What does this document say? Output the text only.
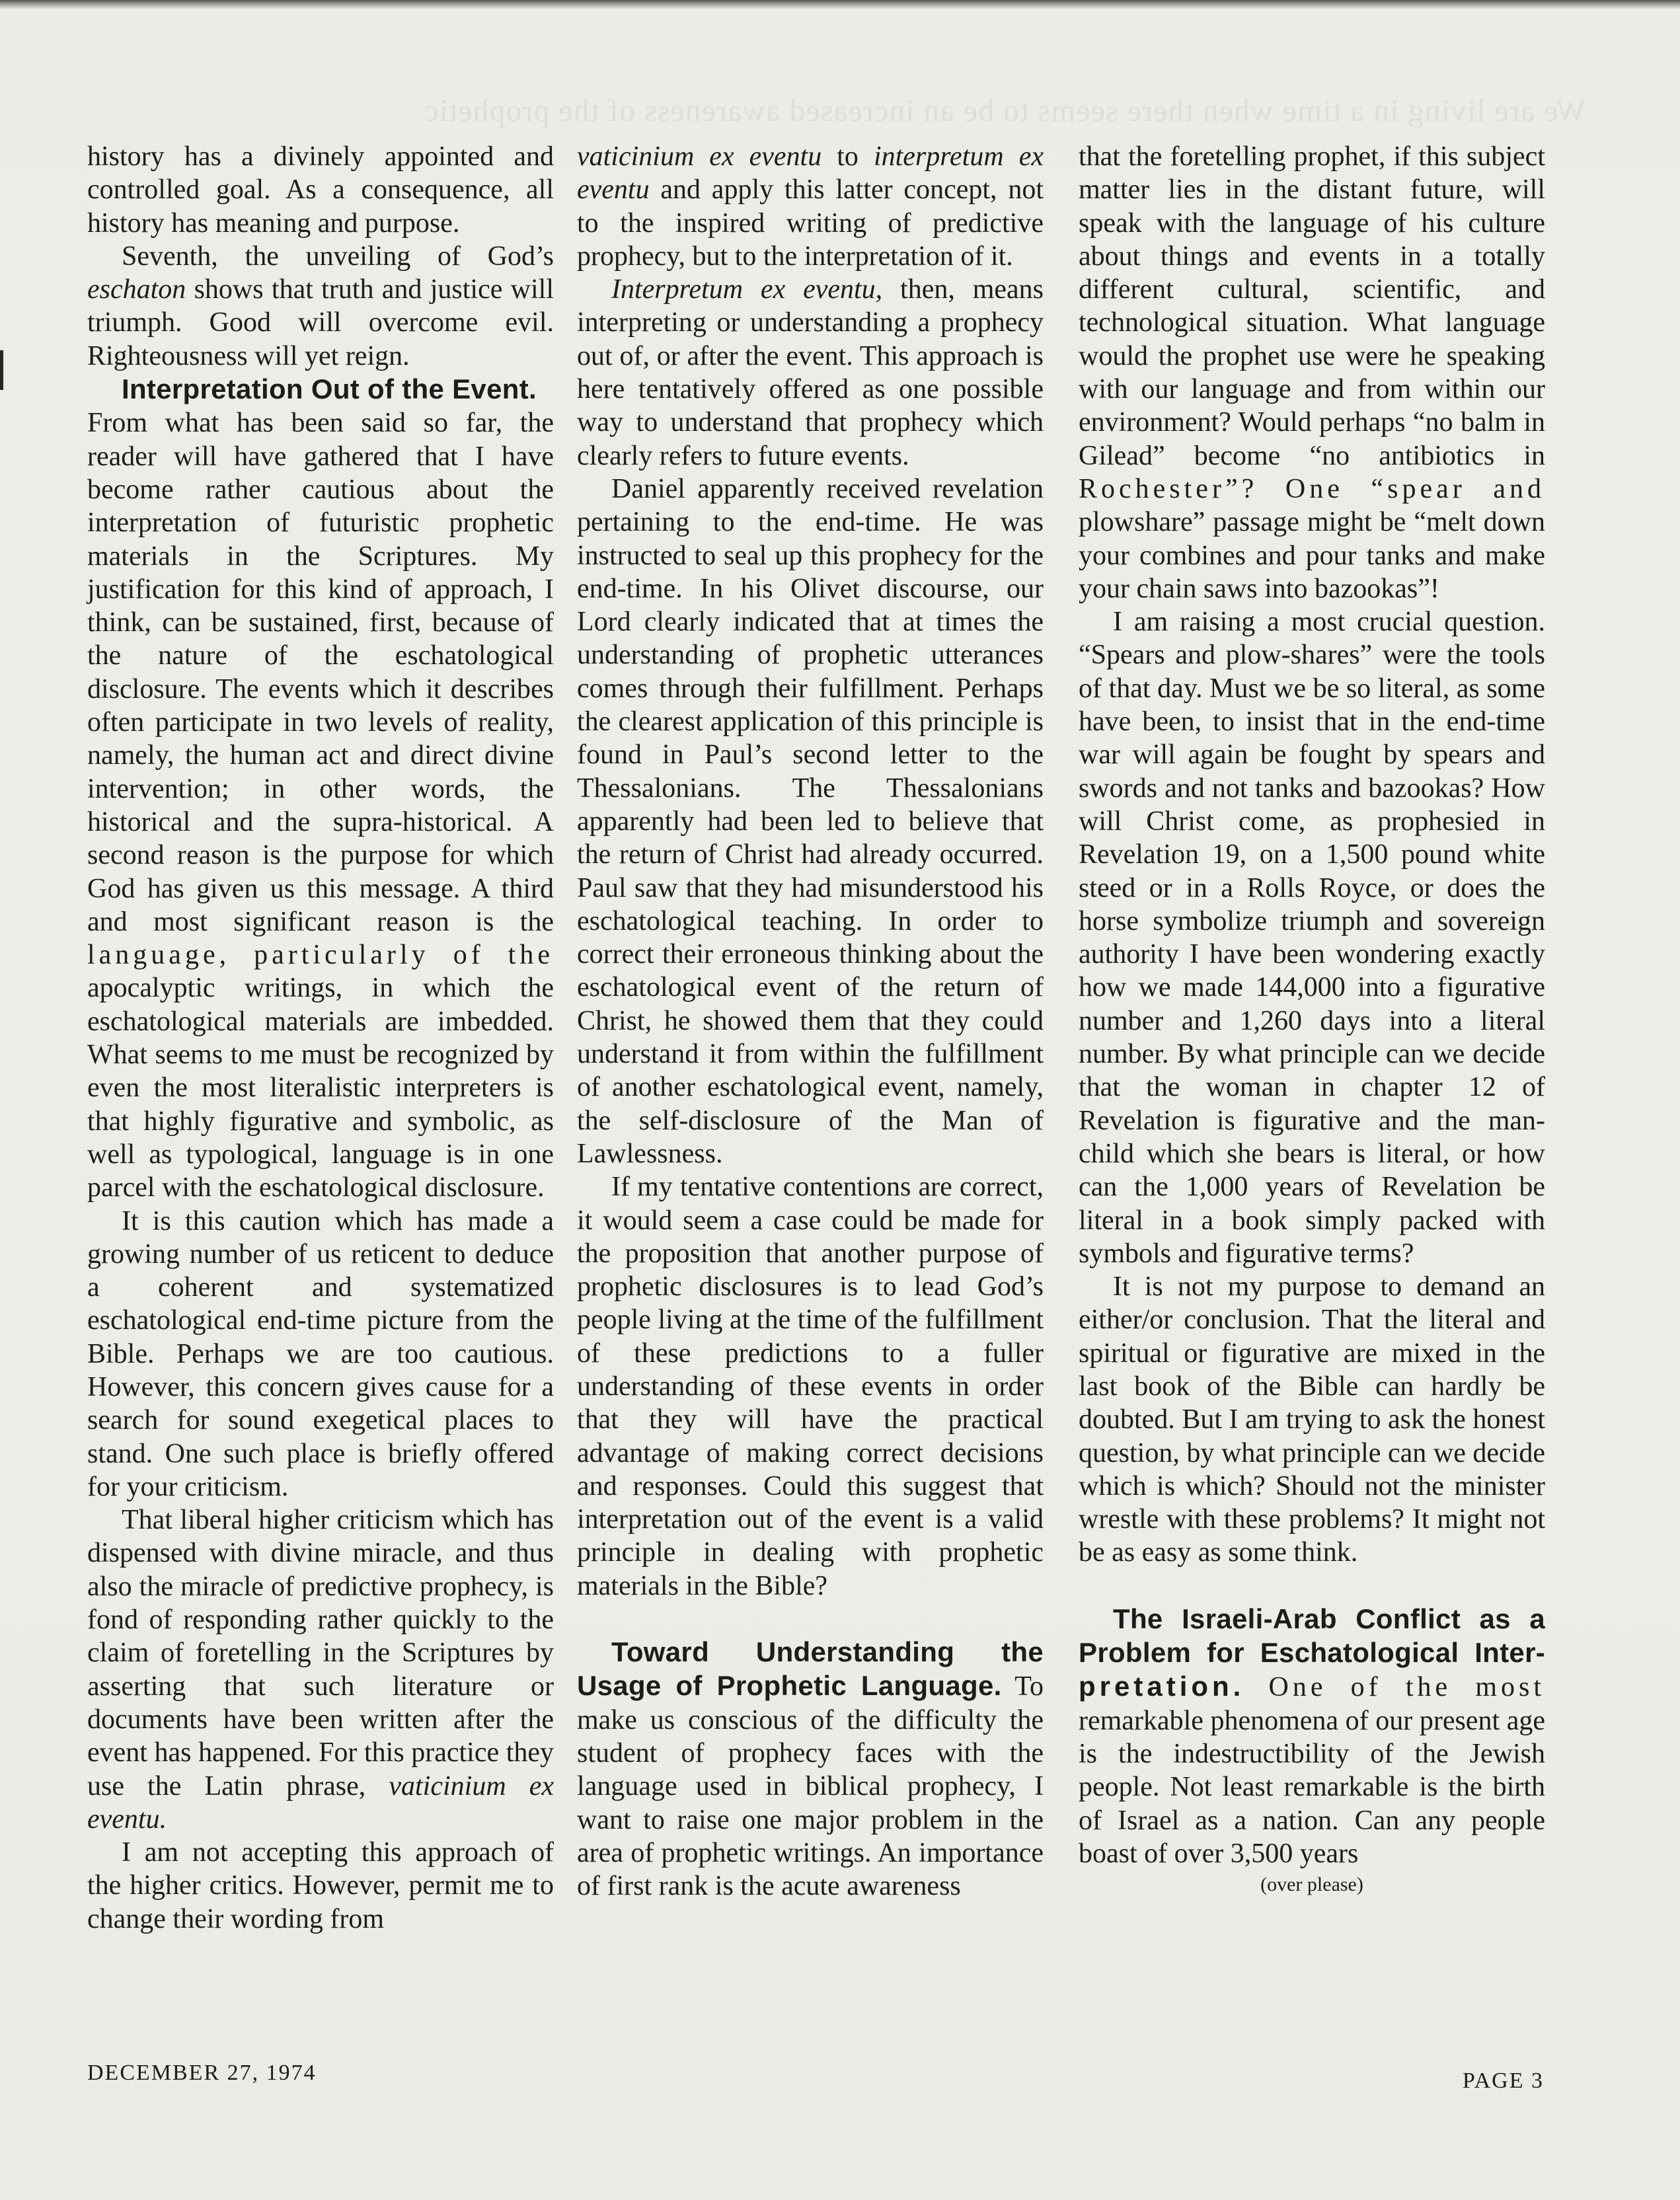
We are living in a time when there seems to be an increased awareness of the prophetic

history has a divinely appointed and controlled goal. As a consequence, all history has meaning and purpose.

Seventh, the unveiling of God’s eschaton shows that truth and justice will triumph. Good will overcome evil. Righteousness will yet reign.

Interpretation Out of the Event.
From what has been said so far, the reader will have gathered that I have become rather cautious about the interpretation of futuristic prophetic materials in the Scriptures. My justification for this kind of approach, I think, can be sustained, first, because of the nature of the eschatological disclosure. The events which it describes often participate in two levels of reality, namely, the human act and direct divine intervention; in other words, the historical and the supra-historical. A second reason is the purpose for which God has given us this message. A third and most significant reason is the language, particularly of the apocalyptic writings, in which the eschatological materials are imbedded. What seems to me must be recognized by even the most literalistic interpreters is that highly figurative and symbolic, as well as typological, language is in one parcel with the eschatological disclosure.

It is this caution which has made a growing number of us reticent to deduce a coherent and systematized eschatological end-time picture from the Bible. Perhaps we are too cautious. However, this concern gives cause for a search for sound exegetical places to stand. One such place is briefly offered for your criticism.

That liberal higher criticism which has dispensed with divine miracle, and thus also the miracle of predictive prophecy, is fond of responding rather quickly to the claim of foretelling in the Scriptures by asserting that such literature or documents have been written after the event has happened. For this practice they use the Latin phrase, vaticinium ex eventu.

I am not accepting this approach of the higher critics. However, permit me to change their wording from

vaticinium ex eventu to interpretum ex eventu and apply this latter concept, not to the inspired writing of predictive prophecy, but to the interpretation of it.

Interpretum ex eventu, then, means interpreting or understanding a prophecy out of, or after the event. This approach is here tentatively offered as one possible way to understand that prophecy which clearly refers to future events.

Daniel apparently received revelation pertaining to the end-time. He was instructed to seal up this prophecy for the end-time. In his Olivet discourse, our Lord clearly indicated that at times the understanding of prophetic utterances comes through their fulfillment. Perhaps the clearest application of this principle is found in Paul’s second letter to the Thessalonians. The Thessalonians apparently had been led to believe that the return of Christ had already occurred. Paul saw that they had misunderstood his eschatological teaching. In order to correct their erroneous thinking about the eschatological event of the return of Christ, he showed them that they could understand it from within the fulfillment of another eschatological event, namely, the self-disclosure of the Man of Lawlessness.

If my tentative contentions are correct, it would seem a case could be made for the proposition that another purpose of prophetic disclosures is to lead God’s people living at the time of the fulfillment of these predictions to a fuller understanding of these events in order that they will have the practical advantage of making correct decisions and responses. Could this suggest that interpretation out of the event is a valid principle in dealing with prophetic materials in the Bible?

Toward Understanding the Usage of Prophetic Language. To make us conscious of the difficulty the student of prophecy faces with the language used in biblical prophecy, I want to raise one major problem in the area of prophetic writings. An importance of first rank is the acute awareness

that the foretelling prophet, if this subject matter lies in the distant future, will speak with the language of his culture about things and events in a totally different cultural, scientific, and technological situation. What language would the prophet use were he speaking with our language and from within our environment? Would perhaps “no balm in Gilead” become “no antibiotics in Rochester”? One “spear and plowshare” passage might be “melt down your combines and pour tanks and make your chain saws into bazookas”!

I am raising a most crucial question. “Spears and plow-shares” were the tools of that day. Must we be so literal, as some have been, to insist that in the end-time war will again be fought by spears and swords and not tanks and bazookas? How will Christ come, as prophesied in Revelation 19, on a 1,500 pound white steed or in a Rolls Royce, or does the horse symbolize triumph and sovereign authority I have been wondering exactly how we made 144,000 into a figurative number and 1,260 days into a literal number. By what principle can we decide that the woman in chapter 12 of Revelation is figurative and the man-child which she bears is literal, or how can the 1,000 years of Revelation be literal in a book simply packed with symbols and figurative terms?

It is not my purpose to demand an either/or conclusion. That the literal and spiritual or figurative are mixed in the last book of the Bible can hardly be doubted. But I am trying to ask the honest question, by what principle can we decide which is which? Should not the minister wrestle with these problems? It might not be as easy as some think.

The Israeli-Arab Conflict as a Problem for Eschatological Inter- pretation. One of the most remarkable phenomena of our present age is the indestructibility of the Jewish people. Not least remarkable is the birth of Israel as a nation. Can any people boast of over 3,500 years

(over please)
DECEMBER 27, 1974	PAGE 3
